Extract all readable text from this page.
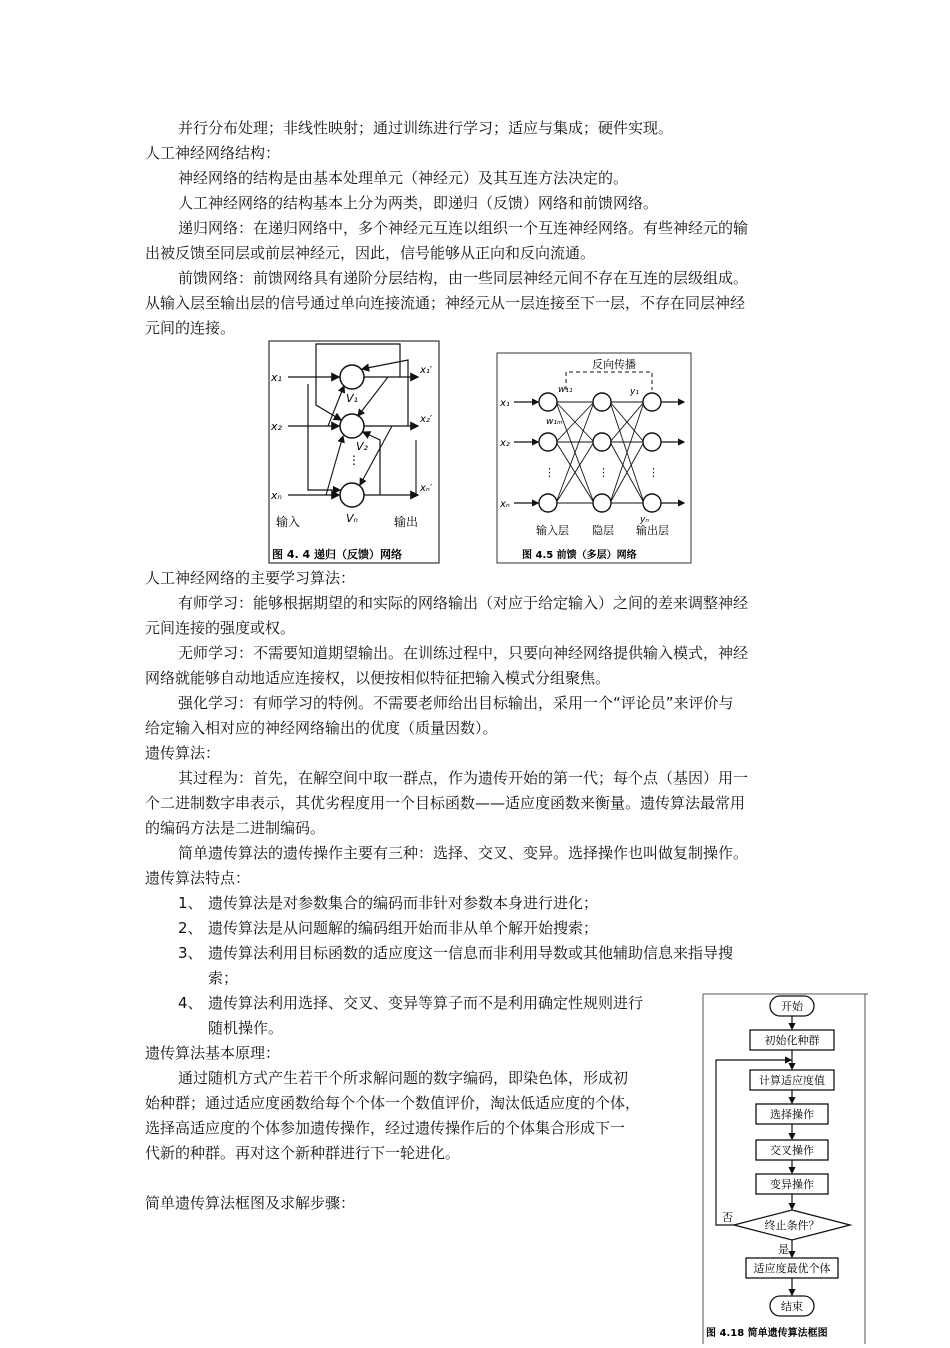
并行分布处理；非线性映射；通过训练进行学习；适应与集成；硬件实现。
人工神经网络结构：
神经网络的结构是由基本处理单元（神经元）及其互连方法决定的。
人工神经网络的结构基本上分为两类，即递归（反馈）网络和前馈网络。
递归网络：在递归网络中，多个神经元互连以组织一个互连神经网络。有些神经元的输
出被反馈至同层或前层神经元，因此，信号能够从正向和反向流通。
前馈网络：前馈网络具有递阶分层结构，由一些同层神经元间不存在互连的层级组成。
从输入层至输出层的信号通过单向连接流通；神经元从一层连接至下一层，不存在同层神经
元间的连接。
x₁
x₂
xₙ
x₁′
x₂′
xₙ′
V₁
V₂
Vₙ
⋮
输入	输出
图 4. 4 递归（反馈）网络
反向传播
x₁
x₂
xₙ
w₁₁
w₁ₘ
y₁
yₙ
⋮	⋮	⋮
输入层 隐层 输出层
图 4.5 前馈（多层）网络
人工神经网络的主要学习算法：
有师学习：能够根据期望的和实际的网络输出（对应于给定输入）之间的差来调整神经
元间连接的强度或权。
无师学习：不需要知道期望输出。在训练过程中，只要向神经网络提供输入模式，神经
网络就能够自动地适应连接权，以便按相似特征把输入模式分组聚焦。
强化学习：有师学习的特例。不需要老师给出目标输出，采用一个“评论员”来评价与
给定输入相对应的神经网络输出的优度（质量因数）。
遗传算法：
其过程为：首先，在解空间中取一群点，作为遗传开始的第一代；每个点（基因）用一
个二进制数字串表示，其优劣程度用一个目标函数——适应度函数来衡量。遗传算法最常用
的编码方法是二进制编码。
简单遗传算法的遗传操作主要有三种：选择、交叉、变异。选择操作也叫做复制操作。
遗传算法特点：
1、 遗传算法是对参数集合的编码而非针对参数本身进行进化；
2、 遗传算法是从问题解的编码组开始而非从单个解开始搜索；
3、 遗传算法利用目标函数的适应度这一信息而非利用导数或其他辅助信息来指导搜
索；
4、 遗传算法利用选择、交叉、变异等算子而不是利用确定性规则进行
随机操作。
遗传算法基本原理：
通过随机方式产生若干个所求解问题的数字编码，即染色体，形成初
始种群；通过适应度函数给每个个体一个数值评价，淘汰低适应度的个体，
选择高适应度的个体参加遗传操作，经过遗传操作后的个体集合形成下一
代新的种群。再对这个新种群进行下一轮进化。
简单遗传算法框图及求解步骤：
开始
初始化种群
计算适应度值
选择操作
交叉操作
变异操作
终止条件？
否
是
适应度最优个体
结束
图 4.18 简单遗传算法框图
